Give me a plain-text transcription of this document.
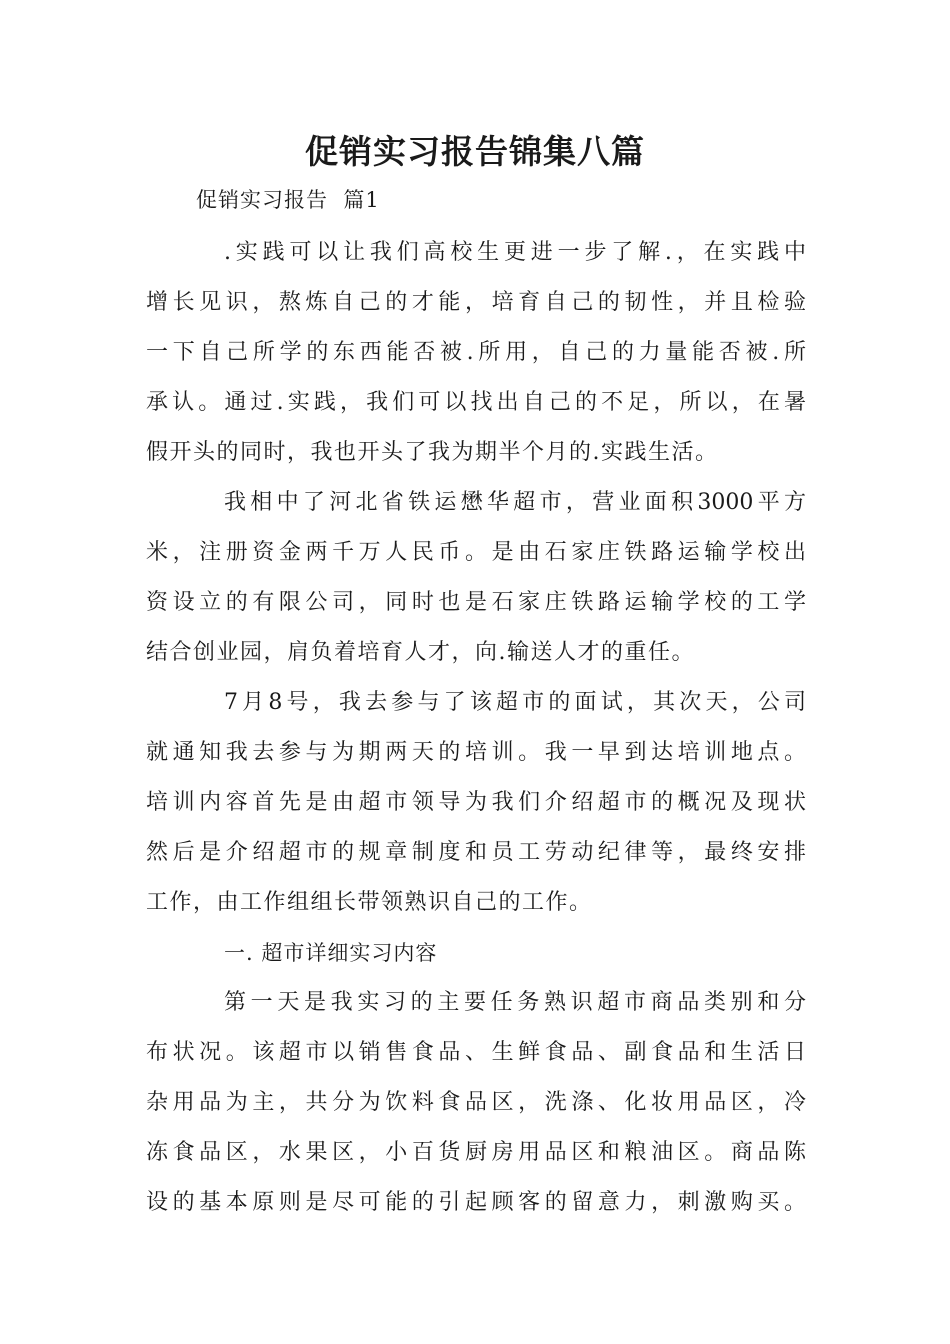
促销实习报告锦集八篇

促销实习报告  篇1

.实践可以让我们高校生更进一步了解.，在实践中
增长见识，熬炼自己的才能，培育自己的韧性，并且检验
一下自己所学的东西能否被.所用，自己的力量能否被.所
承认。通过.实践，我们可以找出自己的不足，所以，在暑
假开头的同时，我也开头了我为期半个月的.实践生活。
我相中了河北省铁运懋华超市，营业面积3000平方
米，注册资金两千万人民币。是由石家庄铁路运输学校出
资设立的有限公司，同时也是石家庄铁路运输学校的工学
结合创业园，肩负着培育人才，向.输送人才的重任。
7月8号，我去参与了该超市的面试，其次天，公司
就通知我去参与为期两天的培训。我一早到达培训地点。
培训内容首先是由超市领导为我们介绍超市的概况及现状
然后是介绍超市的规章制度和员工劳动纪律等，最终安排
工作，由工作组组长带领熟识自己的工作。
一. 超市详细实习内容
第一天是我实习的主要任务熟识超市商品类别和分
布状况。该超市以销售食品、生鲜食品、副食品和生活日
杂用品为主，共分为饮料食品区，洗涤、化妆用品区，冷
冻食品区，水果区，小百货厨房用品区和粮油区。商品陈
设的基本原则是尽可能的引起顾客的留意力，刺激购买。
